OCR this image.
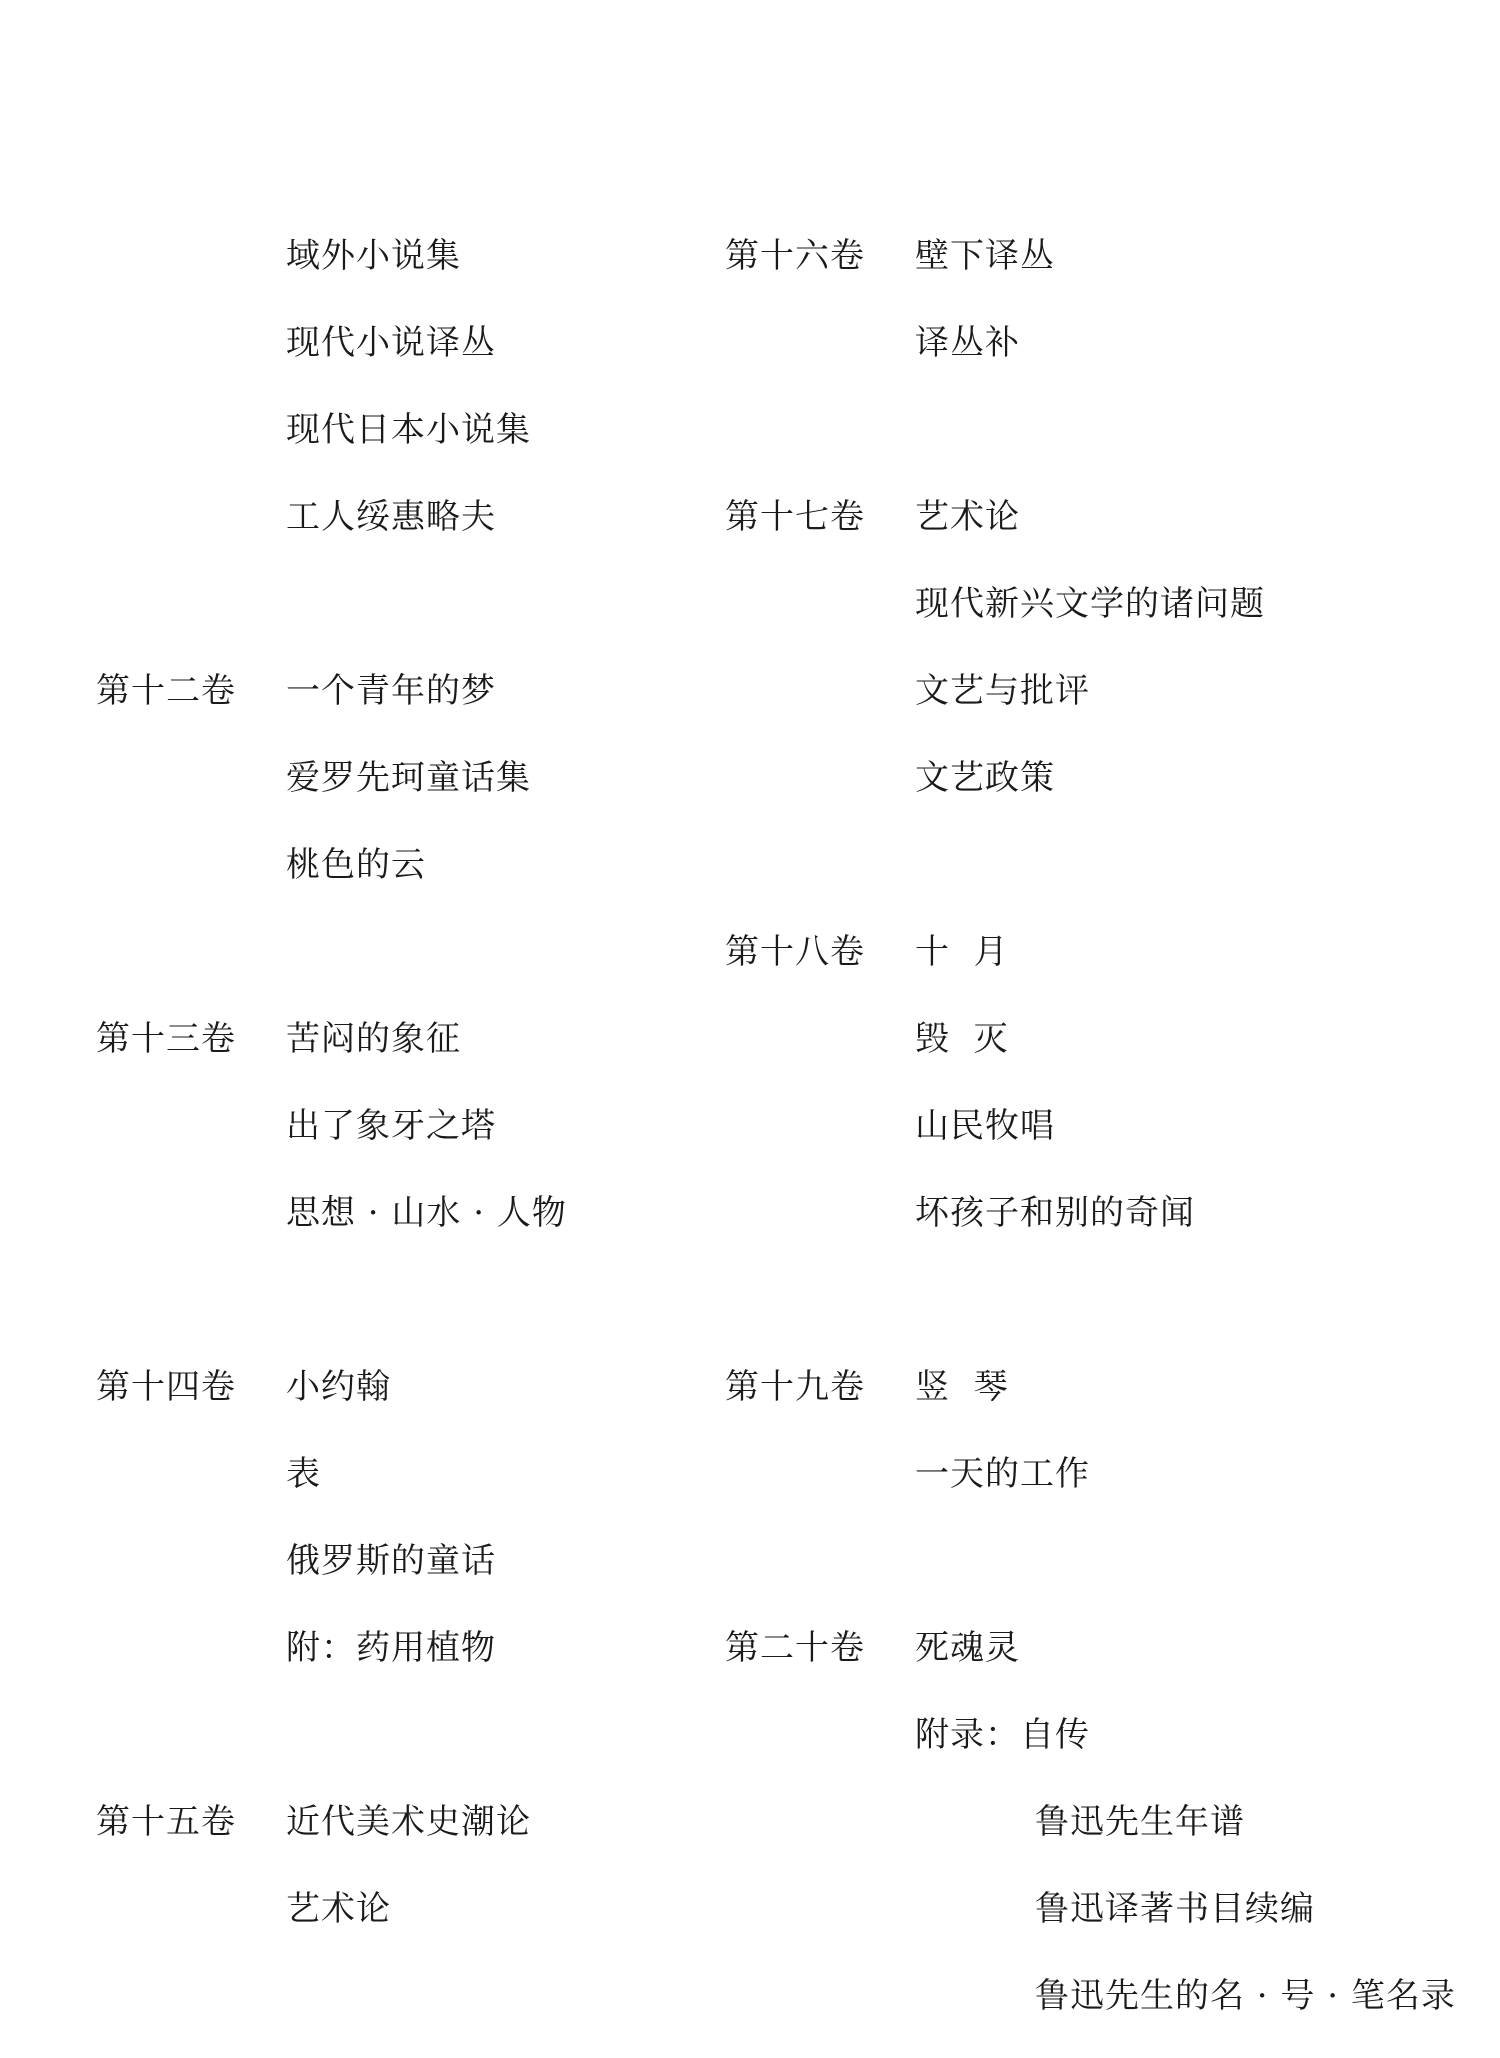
域外小说集
现代小说译丛
现代日本小说集
工人绥惠略夫
第十二卷 一个青年的梦
爱罗先珂童话集
桃色的云
第十三卷 苦闷的象征
出了象牙之塔
思想 · 山水 · 人物
第十四卷 小约翰
表
俄罗斯的童话
附：药用植物
第十五卷 近代美术史潮论
艺术论
第十六卷 壁下译丛
译丛补
第十七卷 艺术论
现代新兴文学的诸问题
文艺与批评
文艺政策
第十八卷 十  月
毁  灭
山民牧唱
坏孩子和别的奇闻
第十九卷 竖  琴
一天的工作
第二十卷 死魂灵
附录：自传
鲁迅先生年谱
鲁迅译著书目续编
鲁迅先生的名 · 号 · 笔名录
